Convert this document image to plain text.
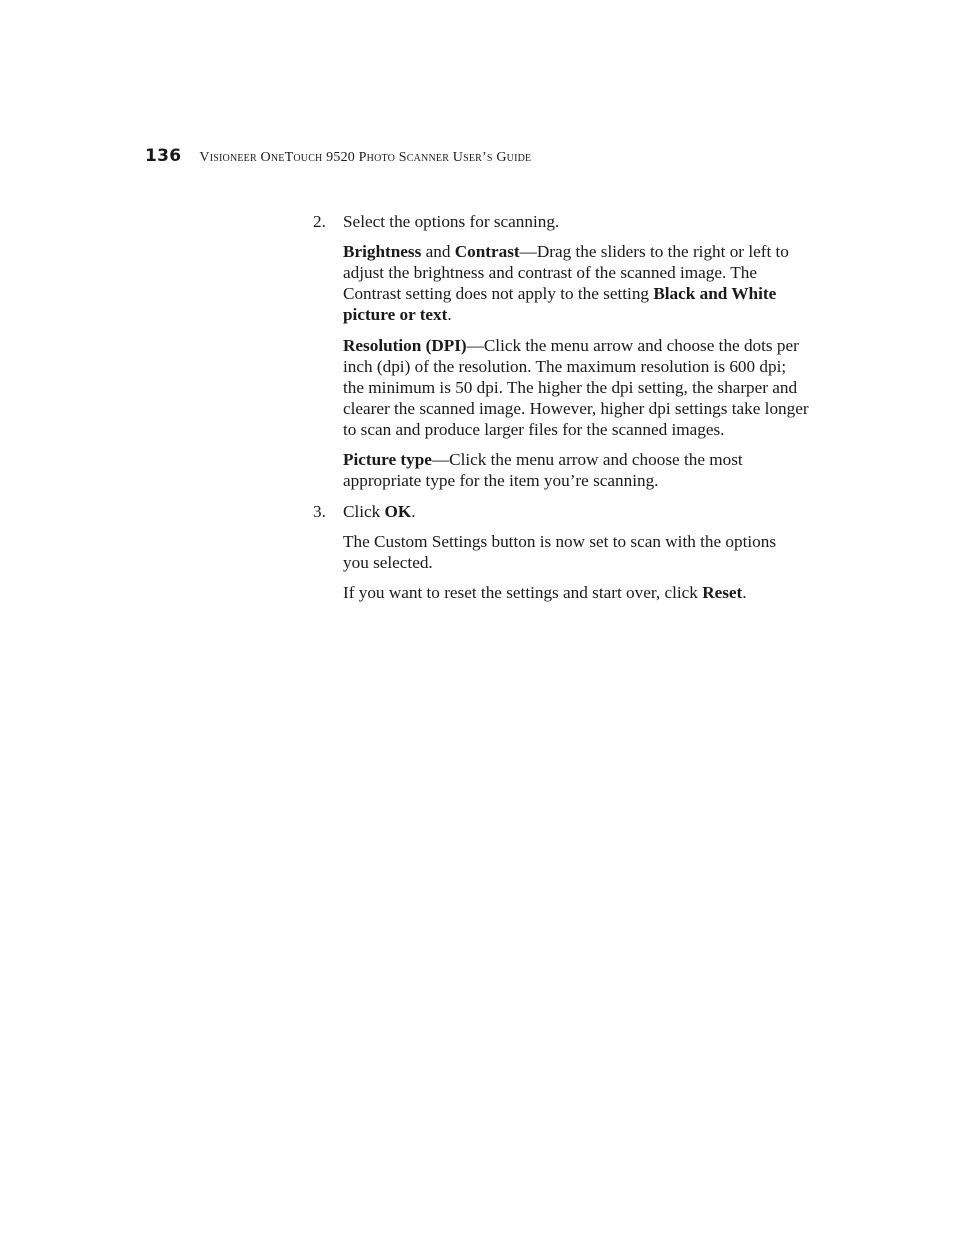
136 Visioneer OneTouch 9520 Photo Scanner User’s Guide
2. Select the options for scanning.
Brightness and Contrast—Drag the sliders to the right or left to
adjust the brightness and contrast of the scanned image. The
Contrast setting does not apply to the setting Black and White
picture or text.
Resolution (DPI)—Click the menu arrow and choose the dots per
inch (dpi) of the resolution. The maximum resolution is 600 dpi;
the minimum is 50 dpi. The higher the dpi setting, the sharper and
clearer the scanned image. However, higher dpi settings take longer
to scan and produce larger files for the scanned images.
Picture type—Click the menu arrow and choose the most
appropriate type for the item you’re scanning.
3. Click OK.
The Custom Settings button is now set to scan with the options
you selected.
If you want to reset the settings and start over, click Reset.
